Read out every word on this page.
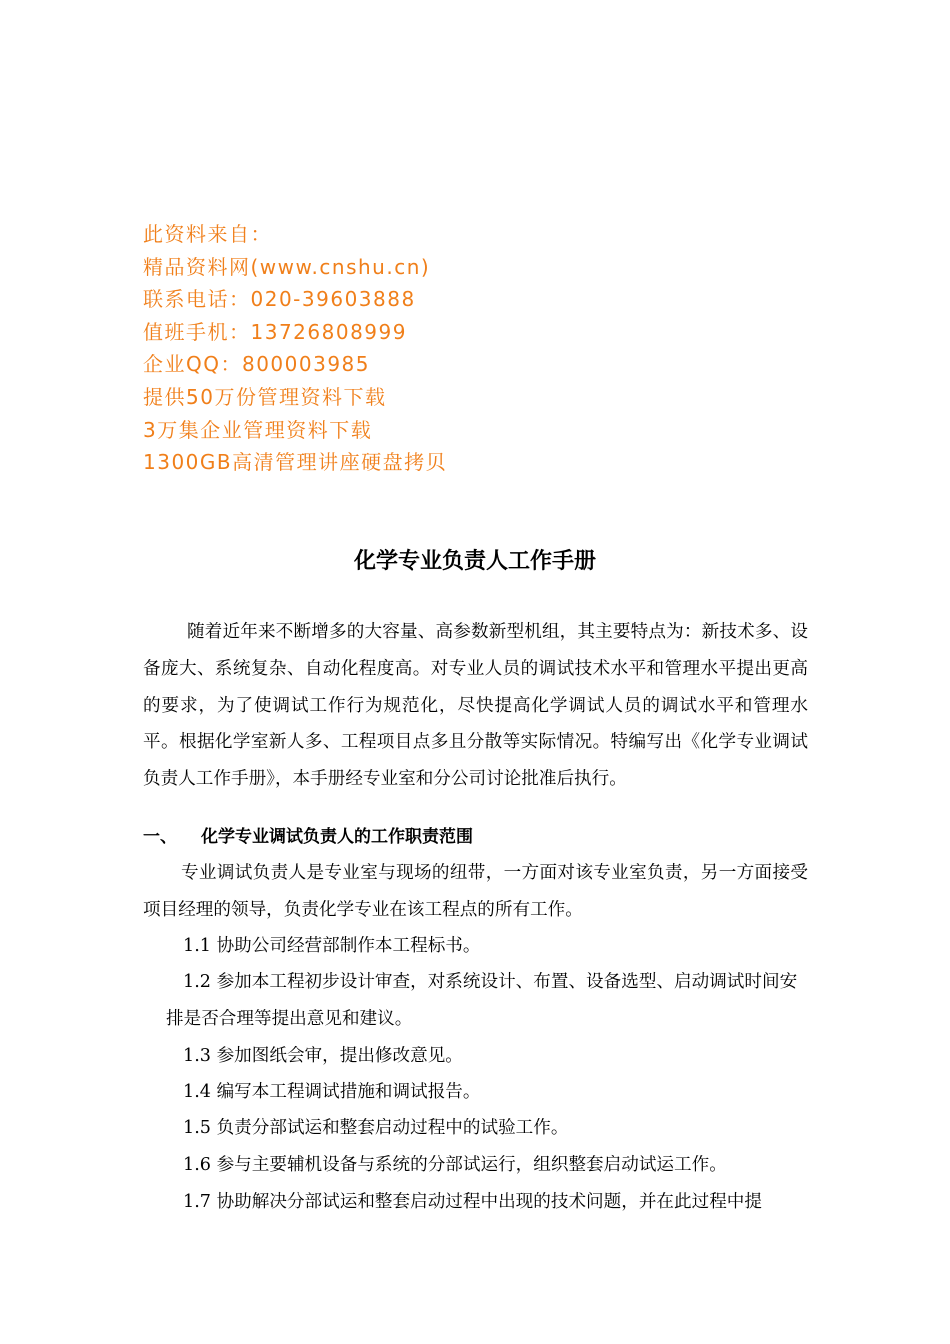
此资料来自：
精品资料网(www.cnshu.cn)
联系电话：020-39603888
值班手机：13726808999
企业QQ：800003985
提供50万份管理资料下载
3万集企业管理资料下载
1300GB高清管理讲座硬盘拷贝
化学专业负责人工作手册
随着近年来不断增多的大容量、高参数新型机组，其主要特点为：新技术多、设备庞大、系统复杂、自动化程度高。对专业人员的调试技术水平和管理水平提出更高的要求，为了使调试工作行为规范化，尽快提高化学调试人员的调试水平和管理水平。根据化学室新人多、工程项目点多且分散等实际情况。特编写出《化学专业调试负责人工作手册》，本手册经专业室和分公司讨论批准后执行。
一、 化学专业调试负责人的工作职责范围
专业调试负责人是专业室与现场的纽带，一方面对该专业室负责，另一方面接受项目经理的领导，负责化学专业在该工程点的所有工作。
1.1 协助公司经营部制作本工程标书。
1.2 参加本工程初步设计审查，对系统设计、布置、设备选型、启动调试时间安排是否合理等提出意见和建议。
1.3 参加图纸会审，提出修改意见。
1.4 编写本工程调试措施和调试报告。
1.5 负责分部试运和整套启动过程中的试验工作。
1.6 参与主要辅机设备与系统的分部试运行，组织整套启动试运工作。
1.7 协助解决分部试运和整套启动过程中出现的技术问题，并在此过程中提
